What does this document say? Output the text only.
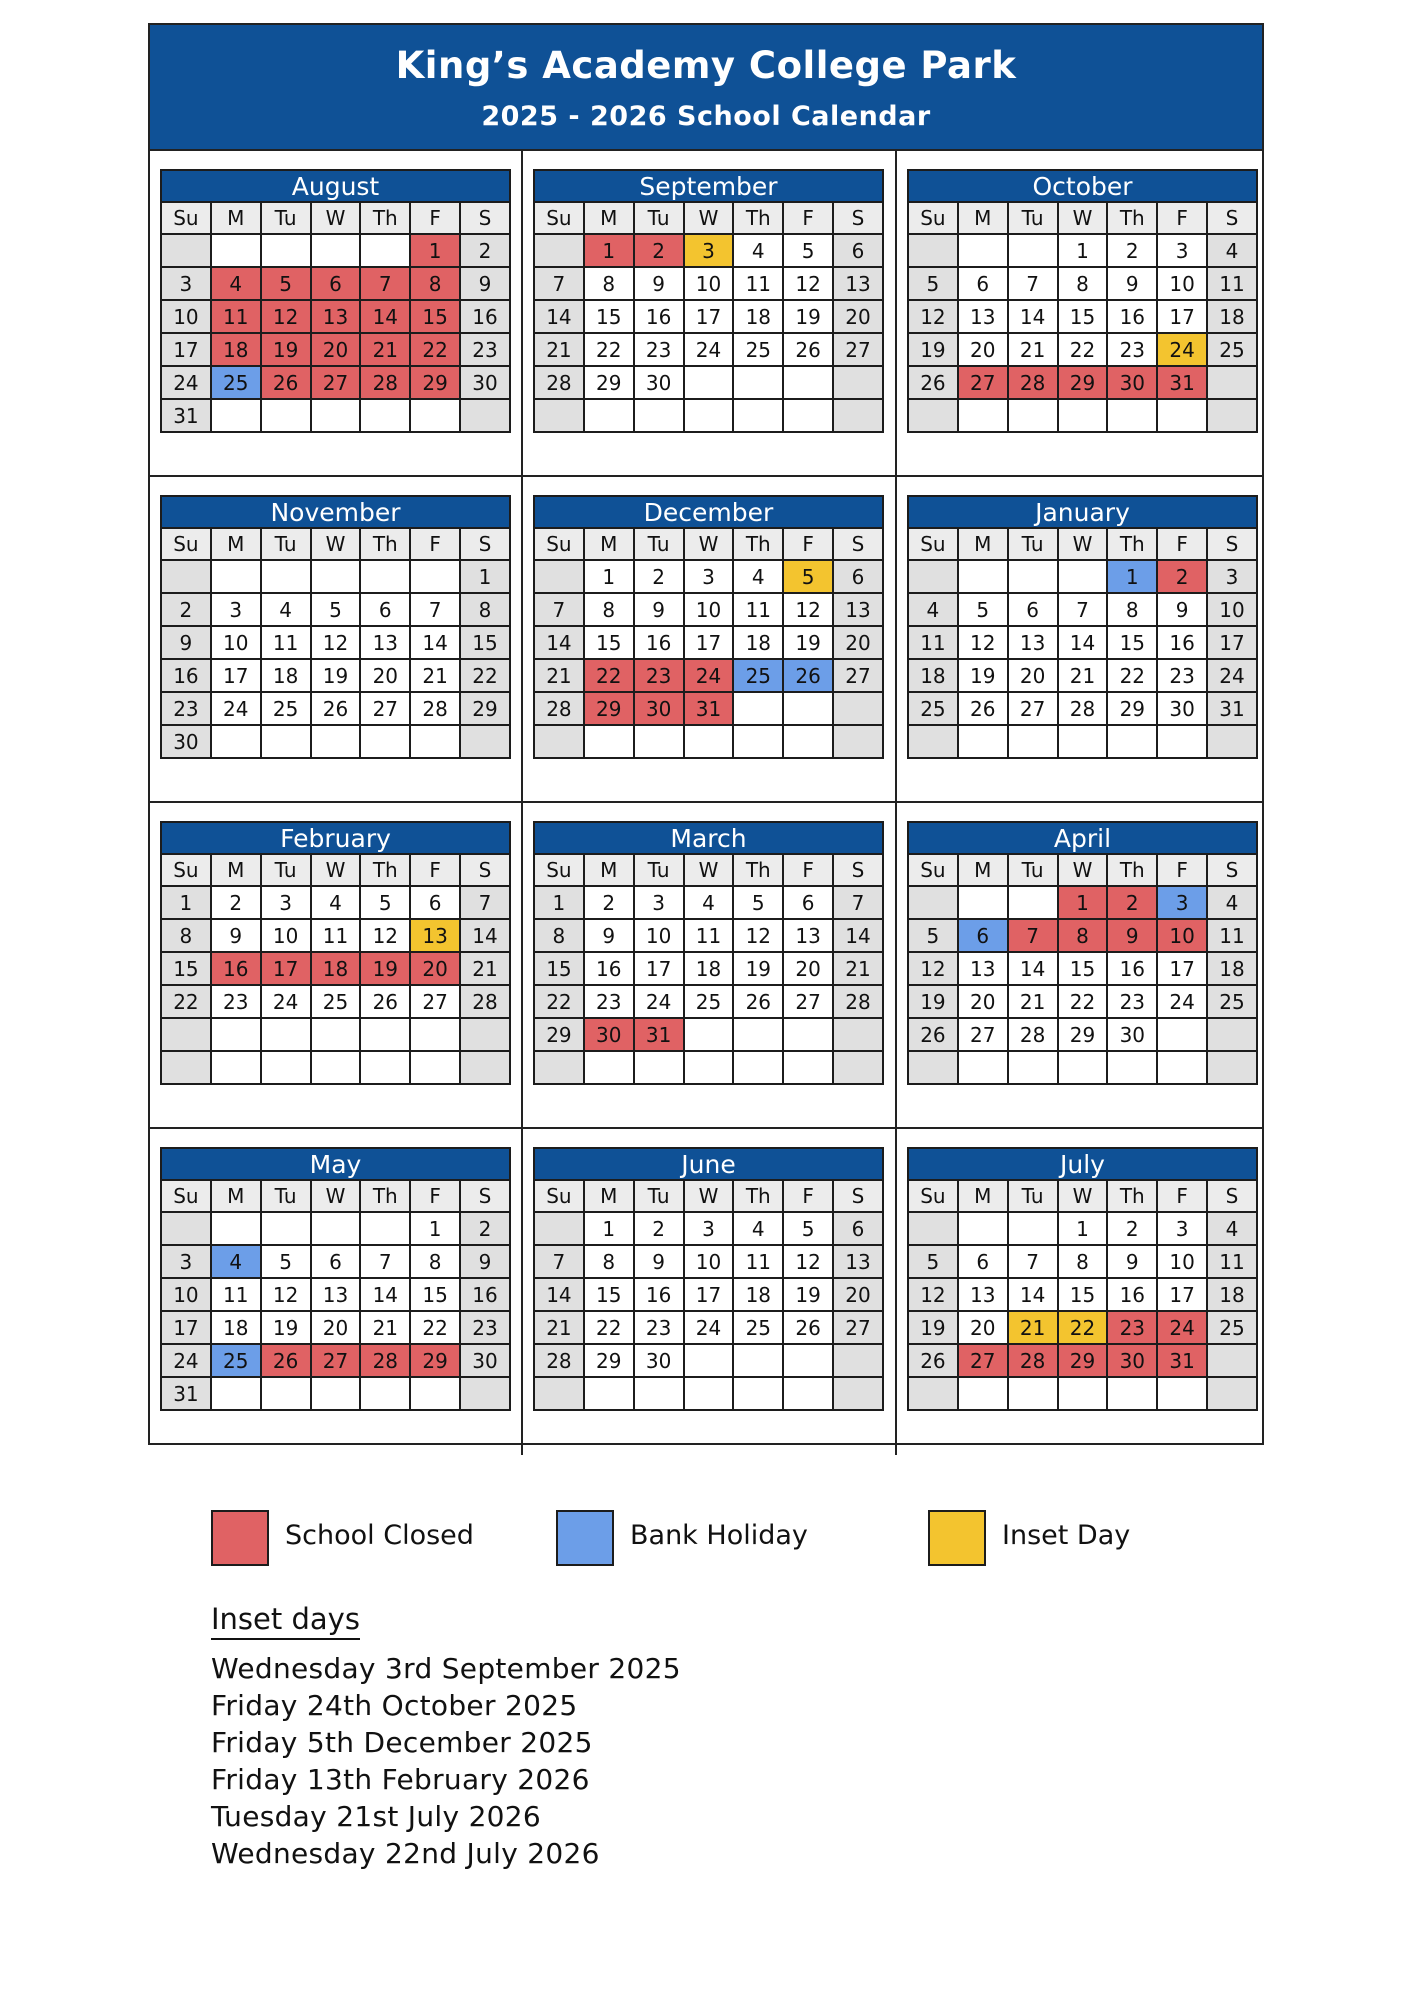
King’s Academy College Park
2025 - 2026 School Calendar
August
Su	M	Tu	W	Th	F	S
					1	2
3	4	5	6	7	8	9
10	11	12	13	14	15	16
17	18	19	20	21	22	23
24	25	26	27	28	29	30
31						
September
Su	M	Tu	W	Th	F	S
	1	2	3	4	5	6
7	8	9	10	11	12	13
14	15	16	17	18	19	20
21	22	23	24	25	26	27
28	29	30				

October
Su	M	Tu	W	Th	F	S
			1	2	3	4
5	6	7	8	9	10	11
12	13	14	15	16	17	18
19	20	21	22	23	24	25
26	27	28	29	30	31	

November
Su	M	Tu	W	Th	F	S
						1
2	3	4	5	6	7	8
9	10	11	12	13	14	15
16	17	18	19	20	21	22
23	24	25	26	27	28	29
30						
December
Su	M	Tu	W	Th	F	S
	1	2	3	4	5	6
7	8	9	10	11	12	13
14	15	16	17	18	19	20
21	22	23	24	25	26	27
28	29	30	31			

January
Su	M	Tu	W	Th	F	S
				1	2	3
4	5	6	7	8	9	10
11	12	13	14	15	16	17
18	19	20	21	22	23	24
25	26	27	28	29	30	31

February
Su	M	Tu	W	Th	F	S
1	2	3	4	5	6	7
8	9	10	11	12	13	14
15	16	17	18	19	20	21
22	23	24	25	26	27	28

March
Su	M	Tu	W	Th	F	S
1	2	3	4	5	6	7
8	9	10	11	12	13	14
15	16	17	18	19	20	21
22	23	24	25	26	27	28
29	30	31				

April
Su	M	Tu	W	Th	F	S
			1	2	3	4
5	6	7	8	9	10	11
12	13	14	15	16	17	18
19	20	21	22	23	24	25
26	27	28	29	30		

May
Su	M	Tu	W	Th	F	S
					1	2
3	4	5	6	7	8	9
10	11	12	13	14	15	16
17	18	19	20	21	22	23
24	25	26	27	28	29	30
31						
June
Su	M	Tu	W	Th	F	S
	1	2	3	4	5	6
7	8	9	10	11	12	13
14	15	16	17	18	19	20
21	22	23	24	25	26	27
28	29	30				

July
Su	M	Tu	W	Th	F	S
			1	2	3	4
5	6	7	8	9	10	11
12	13	14	15	16	17	18
19	20	21	22	23	24	25
26	27	28	29	30	31	

School Closed	Bank Holiday	Inset Day
Inset days
Wednesday 3rd September 2025
Friday 24th October 2025
Friday 5th December 2025
Friday 13th February 2026
Tuesday 21st July 2026
Wednesday 22nd July 2026
